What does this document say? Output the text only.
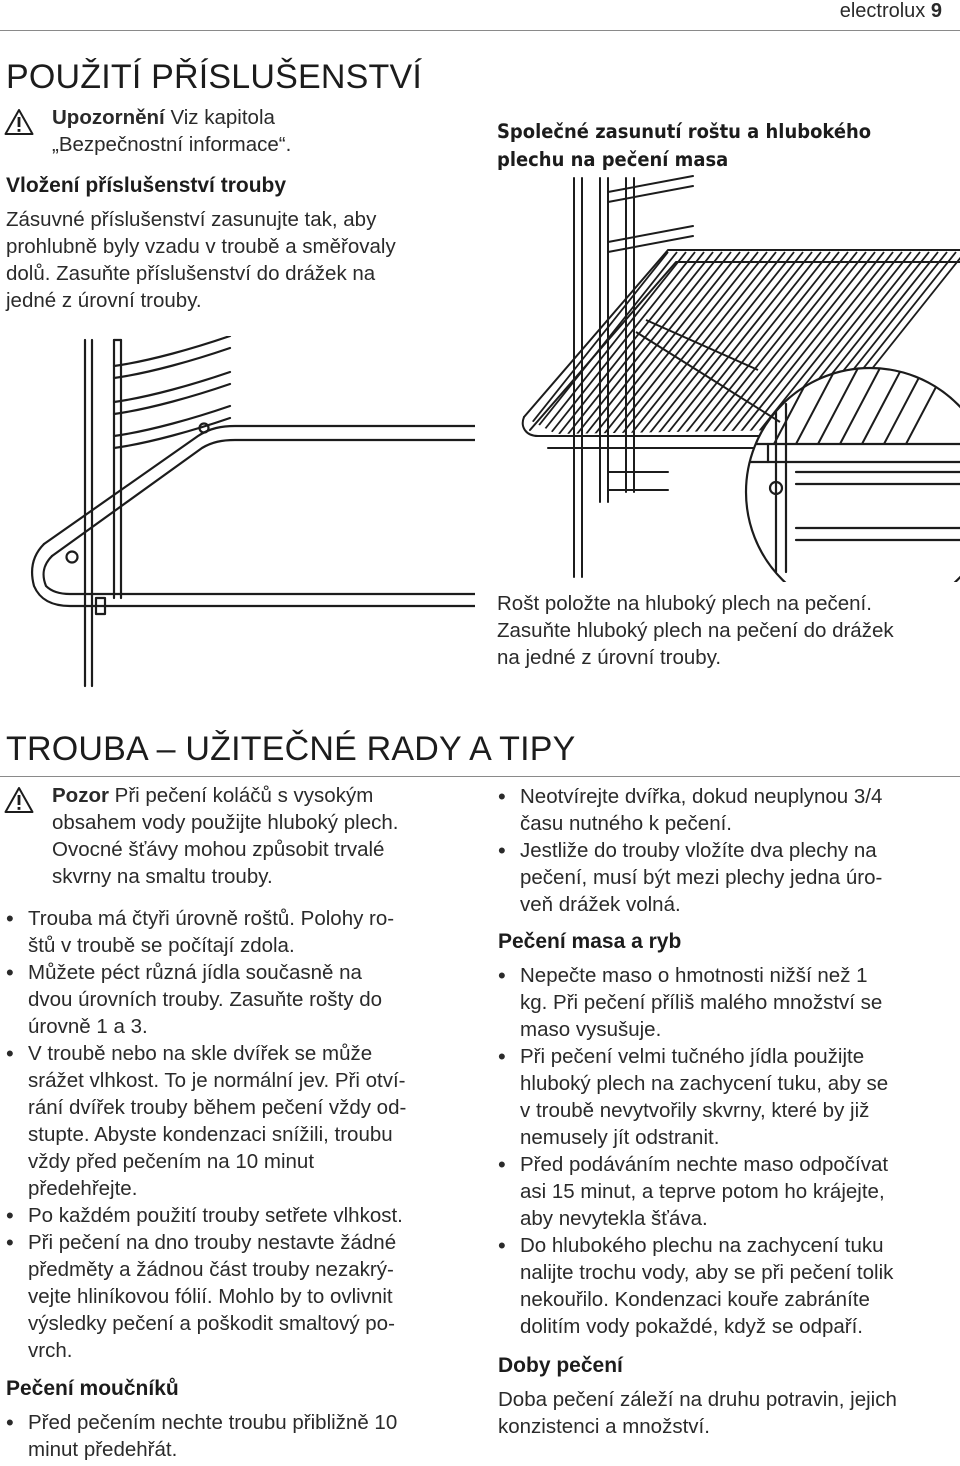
electrolux 9
POUŽITÍ PŘÍSLUŠENSTVÍ
Upozornění Viz kapitola
„Bezpečnostní informace“.
Vložení příslušenství trouby
Zásuvné příslušenství zasunujte tak, aby
prohlubně byly vzadu v troubě a směřovaly
dolů. Zasuňte příslušenství do drážek na
jedné z úrovní trouby.
Společné zasunutí roštu a hlubokého
plechu na pečení masa
Rošt položte na hluboký plech na pečení.
Zasuňte hluboký plech na pečení do drážek
na jedné z úrovní trouby.
TROUBA – UŽITEČNÉ RADY A TIPY
Pozor Při pečení koláčů s vysokým
obsahem vody použijte hluboký plech.
Ovocné šťávy mohou způsobit trvalé
skvrny na smaltu trouby.
• Trouba má čtyři úrovně roštů. Polohy ro-
štů v troubě se počítají zdola.
• Můžete péct různá jídla současně na
dvou úrovních trouby. Zasuňte rošty do
úrovně 1 a 3.
• V troubě nebo na skle dvířek se může
srážet vlhkost. To je normální jev. Při otví-
rání dvířek trouby během pečení vždy od-
stupte. Abyste kondenzaci snížili, troubu
vždy před pečením na 10 minut
předehřejte.
• Po každém použití trouby setřete vlhkost.
• Při pečení na dno trouby nestavte žádné
předměty a žádnou část trouby nezakrý-
vejte hliníkovou fólií. Mohlo by to ovlivnit
výsledky pečení a poškodit smaltový po-
vrch.
Pečení moučníků
• Před pečením nechte troubu přibližně 10
minut předehřát.
• Neotvírejte dvířka, dokud neuplynou 3/4
času nutného k pečení.
• Jestliže do trouby vložíte dva plechy na
pečení, musí být mezi plechy jedna úro-
veň drážek volná.
Pečení masa a ryb
• Nepečte maso o hmotnosti nižší než 1
kg. Při pečení příliš malého množství se
maso vysušuje.
• Při pečení velmi tučného jídla použijte
hluboký plech na zachycení tuku, aby se
v troubě nevytvořily skvrny, které by již
nemusely jít odstranit.
• Před podáváním nechte maso odpočívat
asi 15 minut, a teprve potom ho krájejte,
aby nevytekla šťáva.
• Do hlubokého plechu na zachycení tuku
nalijte trochu vody, aby se při pečení tolik
nekouřilo. Kondenzaci kouře zabráníte
dolitím vody pokaždé, když se odpaří.
Doby pečení
Doba pečení záleží na druhu potravin, jejich
konzistenci a množství.
